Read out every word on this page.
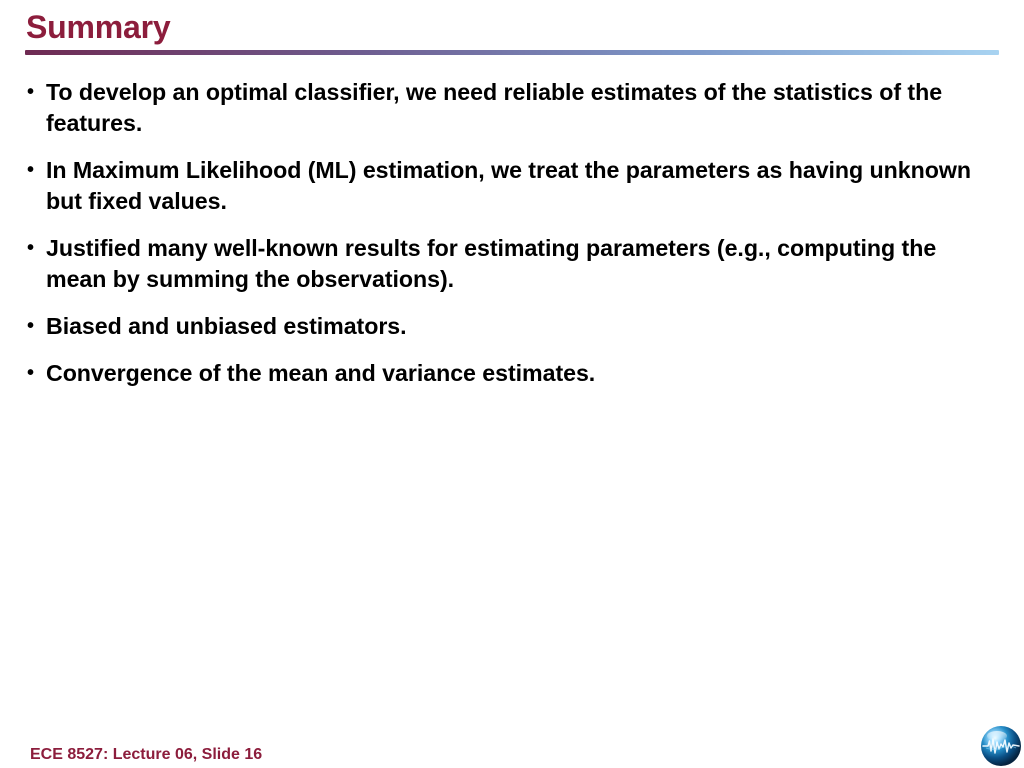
Summary
• To develop an optimal classifier, we need reliable estimates of the statistics of the features.
• In Maximum Likelihood (ML) estimation, we treat the parameters as having unknown but fixed values.
• Justified many well-known results for estimating parameters (e.g., computing the mean by summing the observations).
• Biased and unbiased estimators.
• Convergence of the mean and variance estimates.
ECE 8527: Lecture 06, Slide 16
